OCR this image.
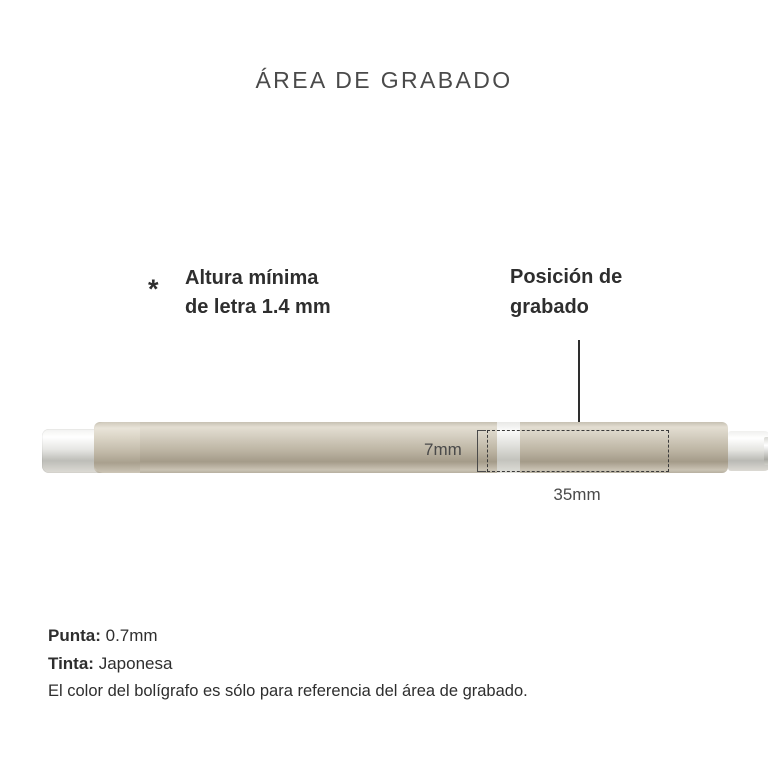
ÁREA DE GRABADO
* Altura mínima
de letra 1.4 mm
Posición de
grabado
7mm
35mm
Punta: 0.7mm
Tinta: Japonesa
El color del bolígrafo es sólo para referencia del área de grabado.
